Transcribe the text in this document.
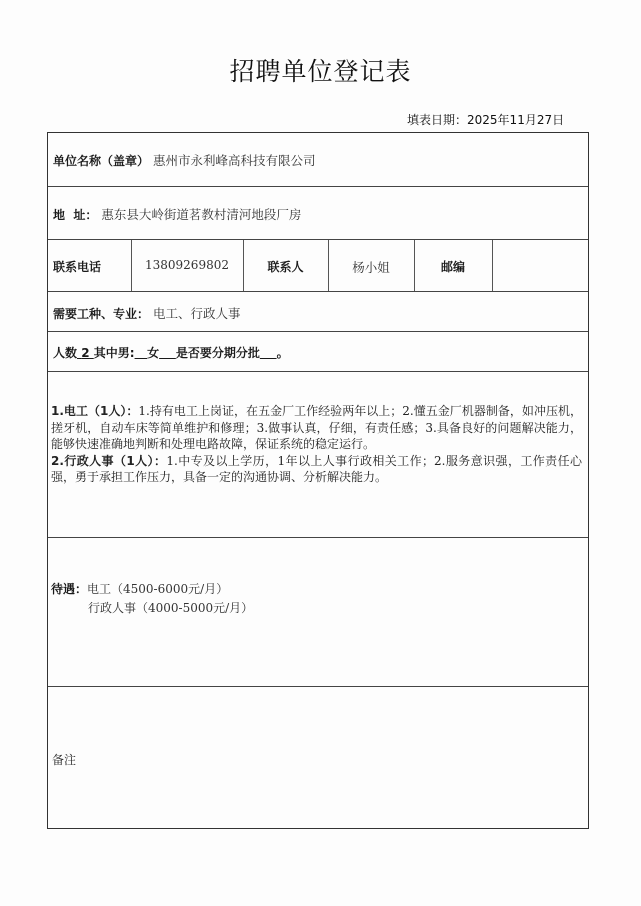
招聘单位登记表
填表日期：2025年11月27日
单位名称（盖章） 惠州市永利峰高科技有限公司
地  址： 惠东县大岭街道茗教村清河地段厂房
联系电话	13809269802	联系人	杨小姐	邮编
需要工种、专业： 电工、行政人事
人数 2 其中男: 女 是否要分期分批 。
1.电工（1人）：1.持有电工上岗证，在五金厂工作经验两年以上；2.懂五金厂机器制备，如冲压机，搓牙机，自动车床等简单维护和修理；3.做事认真，仔细，有责任感；3.具备良好的问题解决能力，能够快速准确地判断和处理电路故障，保证系统的稳定运行。
2.行政人事（1人）：1.中专及以上学历，1年以上人事行政相关工作；2.服务意识强，工作责任心强，勇于承担工作压力，具备一定的沟通协调、分析解决能力。
待遇：电工（4500-6000元/月）
行政人事（4000-5000元/月）
备注
